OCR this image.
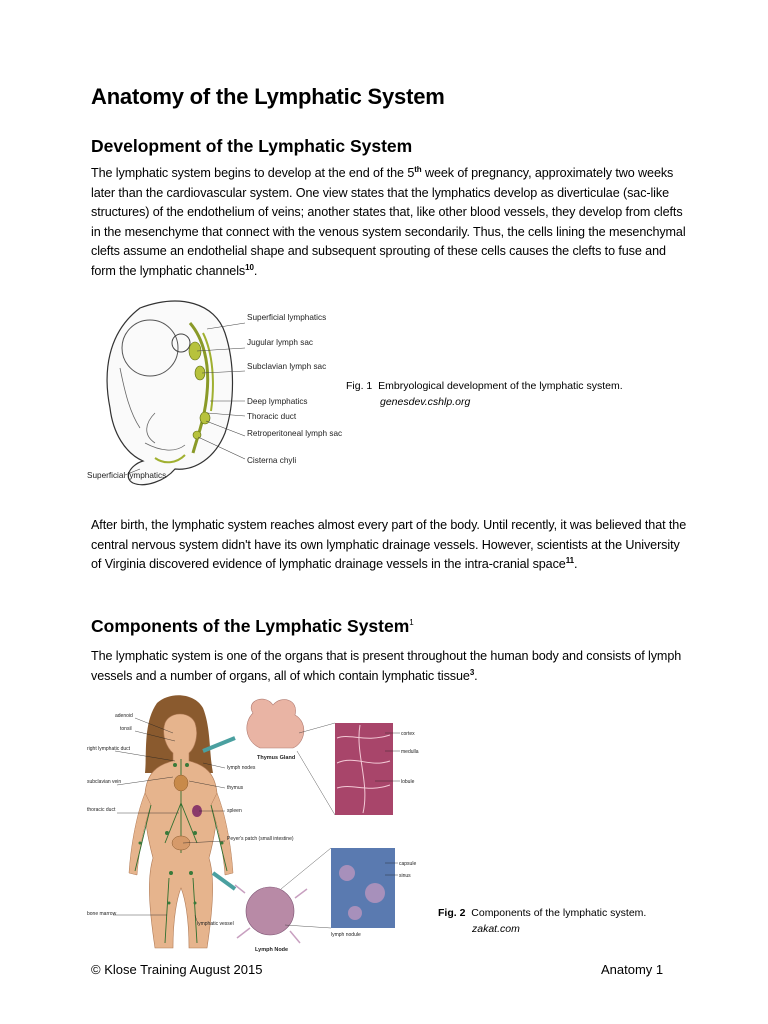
Anatomy of the Lymphatic System
Development of the Lymphatic System

The lymphatic system begins to develop at the end of the 5th week of pregnancy, approximately two weeks later than the cardiovascular system. One view states that the lymphatics develop as diverticulae (sac-like structures) of the endothelium of veins; another states that, like other blood vessels, they develop from clefts in the mesenchyme that connect with the venous system secondarily. Thus, the cells lining the mesenchymal clefts assume an endothelial shape and subsequent sprouting of these cells causes the clefts to fuse and form the lymphatic channels$^{10}$.

Superficial lymphatics
Jugular lymph sac
Subclavian lymph sac
Deep lymphatics
Thoracic duct
Retroperitoneal lymph sac
Cisterna chyli
Superficial lymphatics
Fig. 1 Embryological development of the lymphatic system.
genesdev.cshlp.org

After birth, the lymphatic system reaches almost every part of the body. Until recently, it was believed that the central nervous system didn't have its own lymphatic drainage vessels. However, scientists at the University of Virginia discovered evidence of lymphatic drainage vessels in the intra-cranial space$^{11}$.

Components of the Lymphatic System$^1$

The lymphatic system is one of the organs that is present throughout the human body and consists of lymph vessels and a number of organs, all of which contain lymphatic tissue$^3$.

adenoid
tonsil
right lymphatic duct
subclavian vein
thoracic duct
bone marrow
lymph nodes
thymus
spleen
Peyer's patch (small intestine)
lymphatic vessel
Thymus Gland
cortex
medulla
lobule
Lymph Node
capsule
sinus
lymph nodule
Fig. 2 Components of the lymphatic system.
zakat.com
© Klose Training August 2015	Anatomy 1
